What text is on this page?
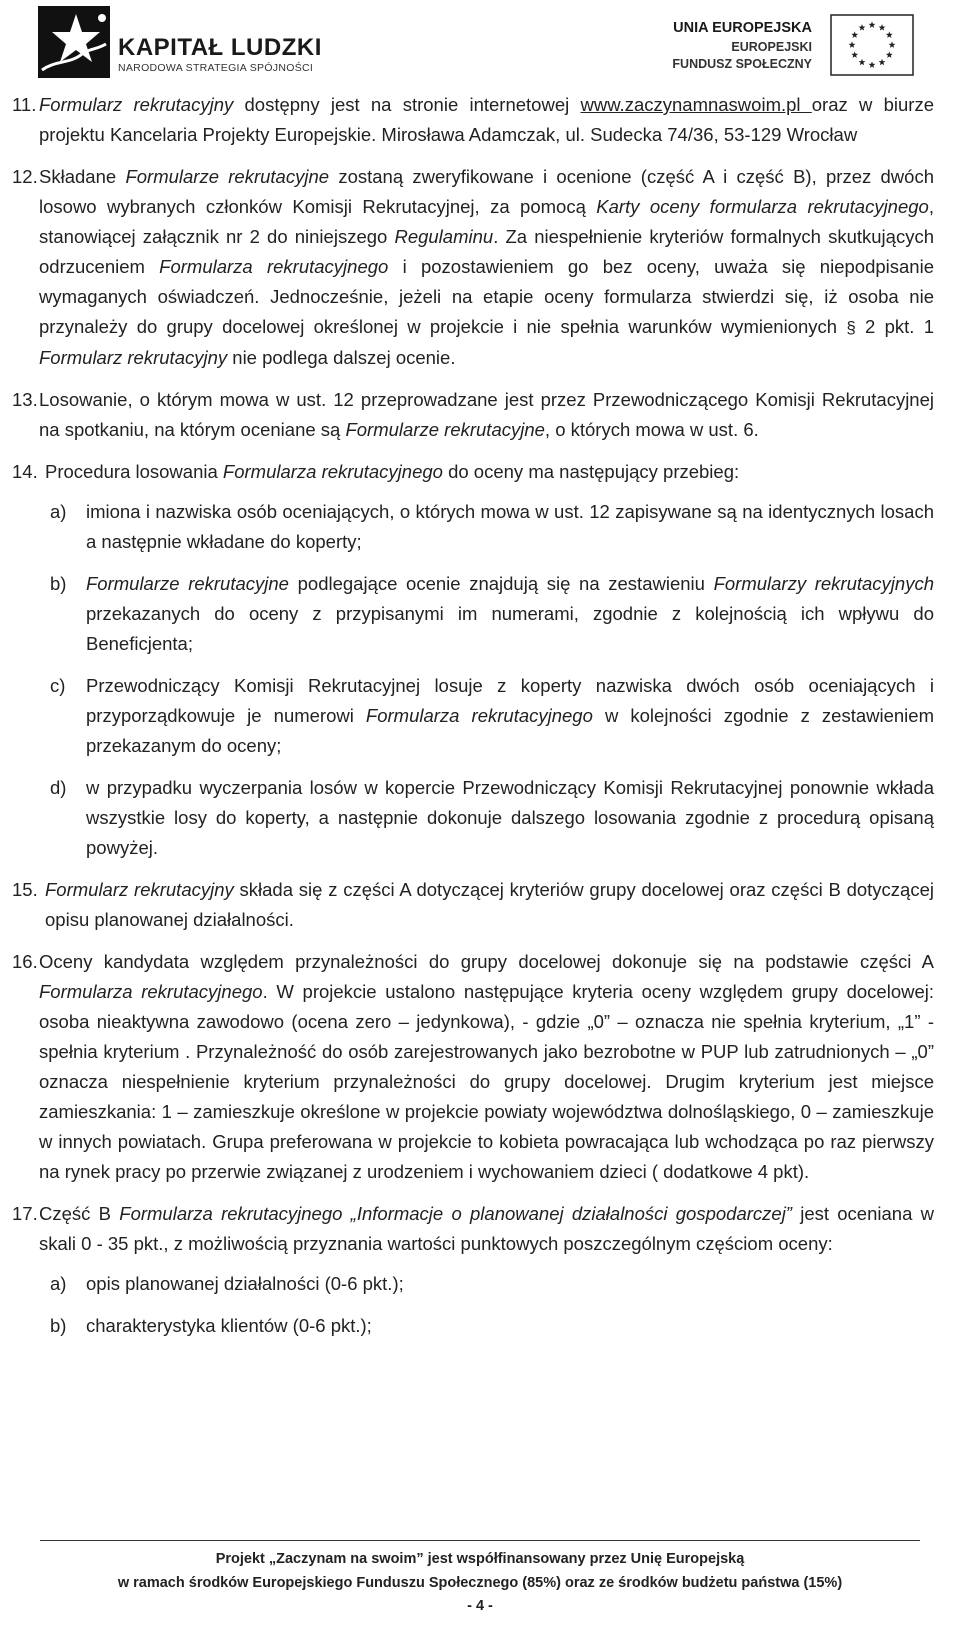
KAPITAŁ LUDZKI
NARODOWA STRATEGIA SPÓJNOŚCI
UNIA EUROPEJSKA
EUROPEJSKI
FUNDUSZ SPOŁECZNY
11. Formularz rekrutacyjny dostępny jest na stronie internetowej www.zaczynamnaswoim.pl oraz w biurze projektu Kancelaria Projekty Europejskie. Mirosława Adamczak, ul. Sudecka 74/36, 53-129 Wrocław
12. Składane Formularze rekrutacyjne zostaną zweryfikowane i ocenione (część A i część B), przez dwóch losowo wybranych członków Komisji Rekrutacyjnej, za pomocą Karty oceny formularza rekrutacyjnego, stanowiącej załącznik nr 2 do niniejszego Regulaminu. Za niespełnienie kryteriów formalnych skutkujących odrzuceniem Formularza rekrutacyjnego i pozostawieniem go bez oceny, uważa się niepodpisanie wymaganych oświadczeń. Jednocześnie, jeżeli na etapie oceny formularza stwierdzi się, iż osoba nie przynależy do grupy docelowej określonej w projekcie i nie spełnia warunków wymienionych § 2 pkt. 1 Formularz rekrutacyjny nie podlega dalszej ocenie.
13. Losowanie, o którym mowa w ust. 12 przeprowadzane jest przez Przewodniczącego Komisji Rekrutacyjnej na spotkaniu, na którym oceniane są Formularze rekrutacyjne, o których mowa w ust. 6.
14. Procedura losowania Formularza rekrutacyjnego do oceny ma następujący przebieg:
a)	imiona i nazwiska osób oceniających, o których mowa w ust. 12 zapisywane są na identycznych losach a następnie wkładane do koperty;
b)	Formularze rekrutacyjne podlegające ocenie znajdują się na zestawieniu Formularzy rekrutacyjnych przekazanych do oceny z przypisanymi im numerami, zgodnie z kolejnością ich wpływu do Beneficjenta;
c)	Przewodniczący Komisji Rekrutacyjnej losuje z koperty nazwiska dwóch osób oceniających i przyporządkowuje je numerowi Formularza rekrutacyjnego w kolejności zgodnie z zestawieniem przekazanym do oceny;
d)	w przypadku wyczerpania losów w kopercie Przewodniczący Komisji Rekrutacyjnej ponownie wkłada wszystkie losy do koperty, a następnie dokonuje dalszego losowania zgodnie z procedurą opisaną powyżej.
15. Formularz rekrutacyjny składa się z części A dotyczącej kryteriów grupy docelowej oraz części B dotyczącej opisu planowanej działalności.
16. Oceny kandydata względem przynależności do grupy docelowej dokonuje się na podstawie części A Formularza rekrutacyjnego. W projekcie ustalono następujące kryteria oceny względem grupy docelowej: osoba nieaktywna zawodowo (ocena zero – jedynkowa), - gdzie „0” – oznacza nie spełnia kryterium, „1” - spełnia kryterium . Przynależność do osób zarejestrowanych jako bezrobotne w PUP lub zatrudnionych – „0” oznacza niespełnienie kryterium przynależności do grupy docelowej. Drugim kryterium jest miejsce zamieszkania: 1 – zamieszkuje określone w projekcie powiaty województwa dolnośląskiego, 0 – zamieszkuje w innych powiatach. Grupa preferowana w projekcie to kobieta powracająca lub wchodząca po raz pierwszy na rynek pracy po przerwie związanej z urodzeniem i wychowaniem dzieci ( dodatkowe 4 pkt).
17. Część B Formularza rekrutacyjnego „Informacje o planowanej działalności gospodarczej” jest oceniana w skali 0 - 35 pkt., z możliwością przyznania wartości punktowych poszczególnym częściom oceny:
a)	opis planowanej działalności (0-6 pkt.);
b)	charakterystyka klientów (0-6 pkt.);
Projekt „Zaczynam na swoim” jest współfinansowany przez Unię Europejską
w ramach środków Europejskiego Funduszu Społecznego (85%) oraz ze środków budżetu państwa (15%)
- 4 -
